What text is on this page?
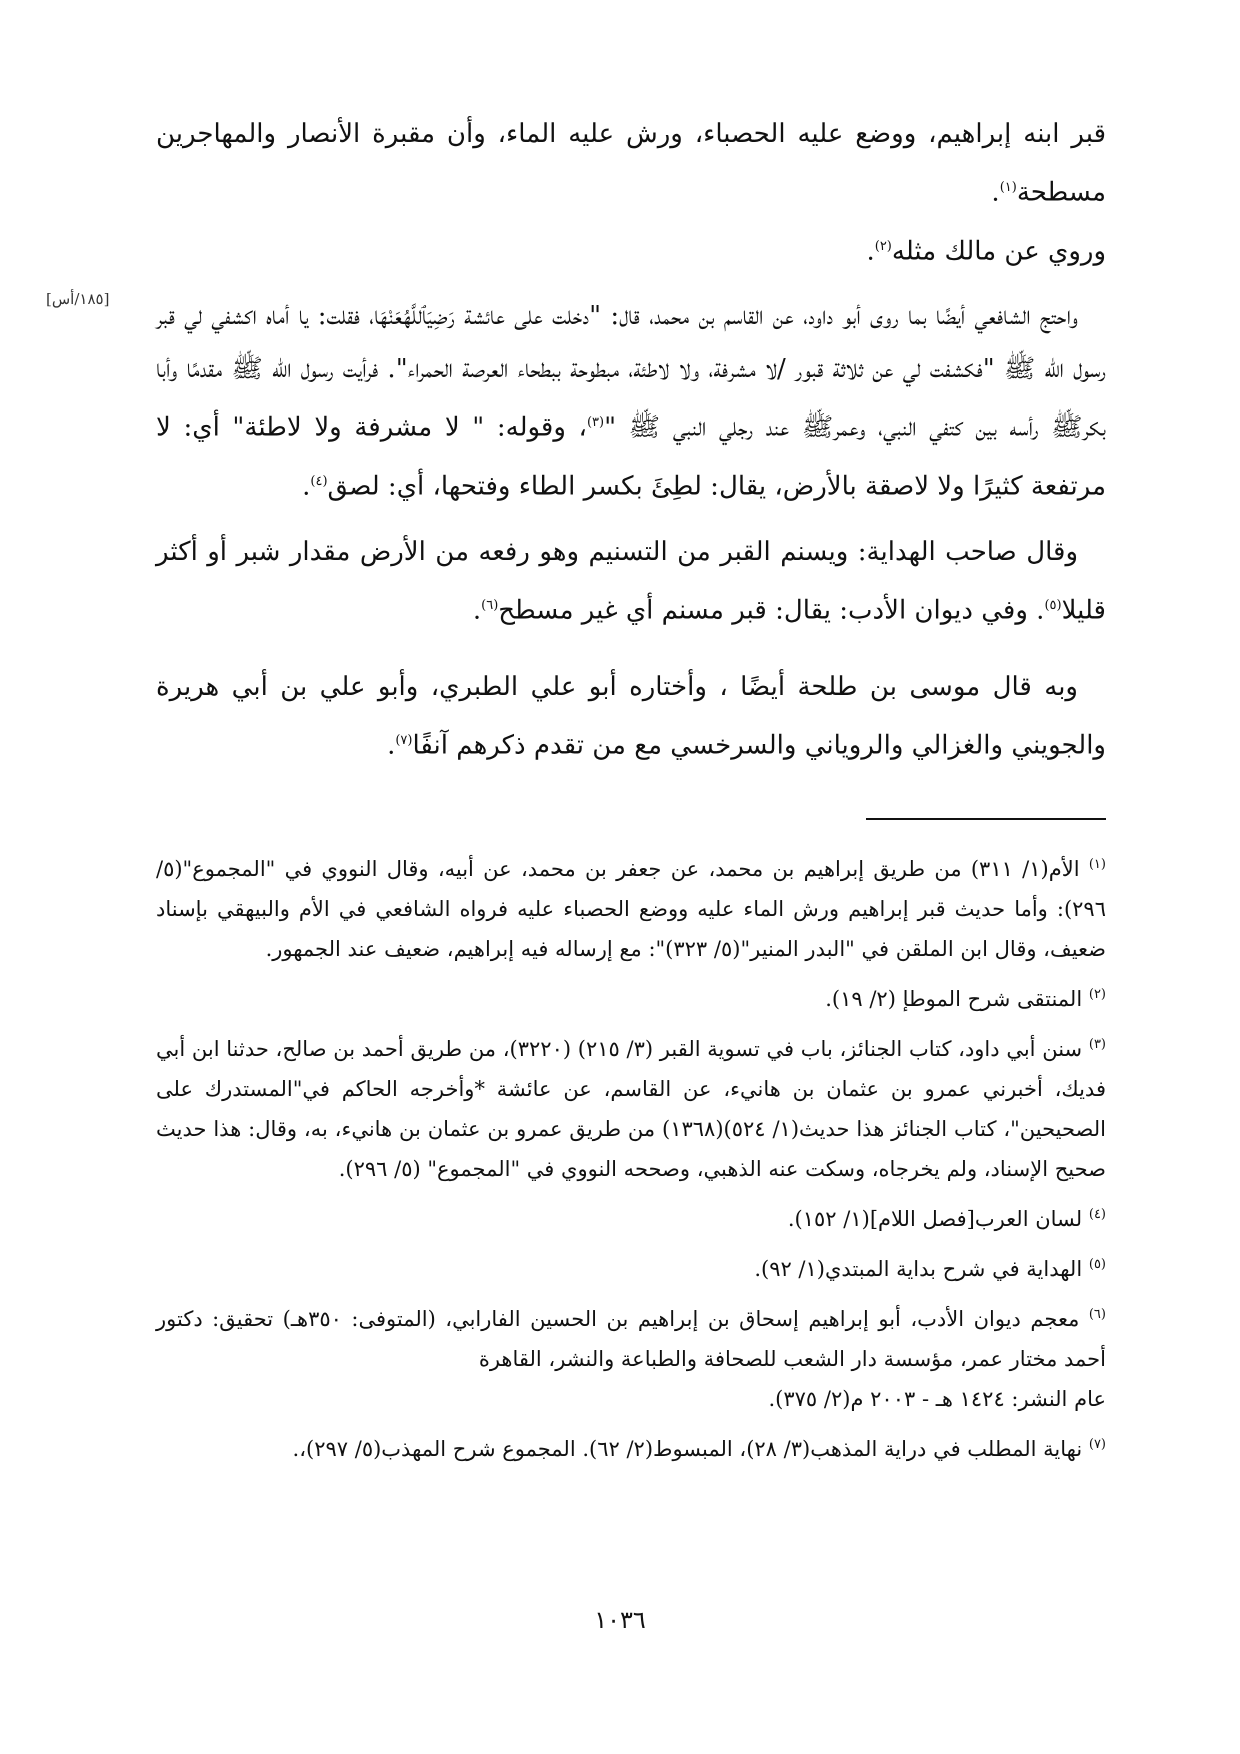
قبر ابنه إبراهيم، ووضع عليه الحصباء، ورش عليه الماء، وأن مقبرة الأنصار والمهاجرين مسطحة$^{(١)}$.

وروي عن مالك مثله$^{(٢)}$.

واحتج الشافعي أيضًا بما روى أبو داود، عن القاسم بن محمد، قال: "دخلت على عائشة رَضِيَٱللَّهُعَنْهَا، فقلت: يا أماه اكشفي لي قبر رسول الله ﷺ "فكشفت لي عن ثلاثة قبور /لا مشرفة، ولا لاطئة، مبطوحة ببطحاء العرصة الحمراء". فرأيت رسول الله ﷺ مقدمًا وأبا بكرﷺ رأسه بين كتفي النبي، وعمرﷺ عند رجلي النبي ﷺ "$^{(٣)}$، وقوله: " لا مشرفة ولا لاطئة" أي: لا مرتفعة كثيرًا ولا لاصقة بالأرض، يقال: لطِئَ بكسر الطاء وفتحها، أي: لصق$^{(٤)}$.

وقال صاحب الهداية: ويسنم القبر من التسنيم وهو رفعه من الأرض مقدار شبر أو أكثر قليلا$^{(٥)}$. وفي ديوان الأدب: يقال: قبر مسنم أي غير مسطح$^{(٦)}$.

وبه قال موسى بن طلحة أيضًا ، وأختاره أبو علي الطبري، وأبو علي بن أبي هريرة والجويني والغزالي والروياني والسرخسي مع من تقدم ذكرهم آنفًا$^{(٧)}$.

[١٨٥/أس]

$^{(١)}$ الأم(١/ ٣١١) من طريق إبراهيم بن محمد، عن جعفر بن محمد، عن أبيه، وقال النووي في "المجموع"(٥/ ٢٩٦): وأما حديث قبر إبراهيم ورش الماء عليه ووضع الحصباء عليه فرواه الشافعي في الأم والبيهقي بإسناد ضعيف، وقال ابن الملقن في "البدر المنير"(٥/ ٣٢٣)": مع إرساله فيه إبراهيم، ضعيف عند الجمهور.

$^{(٢)}$ المنتقى شرح الموطإ (٢/ ١٩).

$^{(٣)}$ سنن أبي داود، كتاب الجنائز، باب في تسوية القبر (٣/ ٢١٥) (٣٢٢٠)، من طريق أحمد بن صالح، حدثنا ابن أبي فديك، أخبرني عمرو بن عثمان بن هانيء، عن القاسم، عن عائشة *وأخرجه الحاكم في"المستدرك على الصحيحين"، كتاب الجنائز هذا حديث(١/ ٥٢٤)(١٣٦٨) من طريق عمرو بن عثمان بن هانيء، به، وقال: هذا حديث صحيح الإسناد، ولم يخرجاه، وسكت عنه الذهبي، وصححه النووي في "المجموع" (٥/ ٢٩٦).

$^{(٤)}$ لسان العرب[فصل اللام](١/ ١٥٢).

$^{(٥)}$ الهداية في شرح بداية المبتدي(١/ ٩٢).

$^{(٦)}$ معجم ديوان الأدب، أبو إبراهيم إسحاق بن إبراهيم بن الحسين الفارابي، (المتوفى: ٣٥٠هـ) تحقيق: دكتور أحمد مختار عمر، مؤسسة دار الشعب للصحافة والطباعة والنشر، القاهرة
عام النشر: ١٤٢٤ هـ - ٢٠٠٣ م(٢/ ٣٧٥).

$^{(٧)}$ نهاية المطلب في دراية المذهب(٣/ ٢٨)، المبسوط(٢/ ٦٢). المجموع شرح المهذب(٥/ ٢٩٧)،.

١٠٣٦
